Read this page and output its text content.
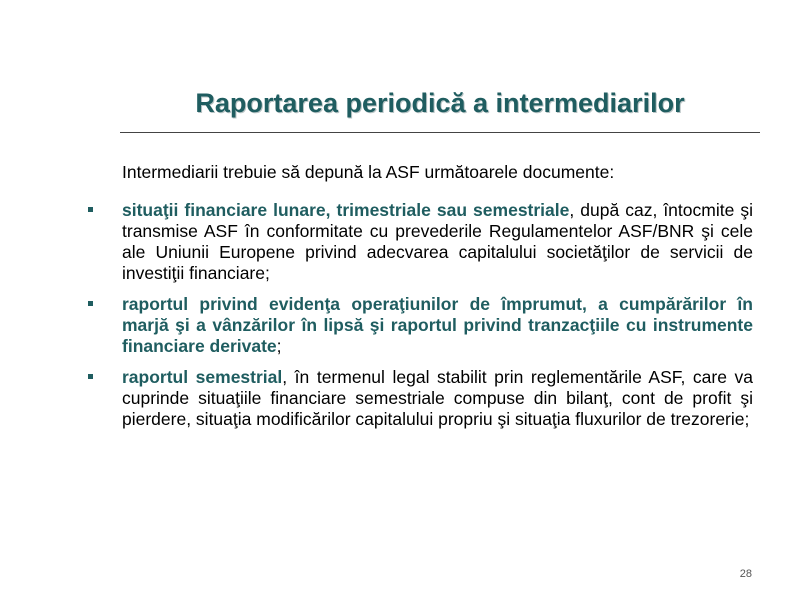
Raportarea periodică a intermediarilor
Intermediarii trebuie să depună la ASF următoarele documente:
situaţii financiare lunare, trimestriale sau semestriale, după caz, întocmite şi transmise ASF în conformitate cu prevederile Regulamentelor ASF/BNR şi cele ale Uniunii Europene privind adecvarea capitalului societăţilor de servicii de investiţii financiare;
raportul privind evidenţa operaţiunilor de împrumut, a cumpărărilor în marjă şi a vânzărilor în lipsă şi raportul privind tranzacţiile cu instrumente financiare derivate;
raportul semestrial, în termenul legal stabilit prin reglementările ASF, care va cuprinde situaţiile financiare semestriale compuse din bilanţ, cont de profit şi pierdere, situaţia modificărilor capitalului propriu şi situaţia fluxurilor de trezorerie;
28
